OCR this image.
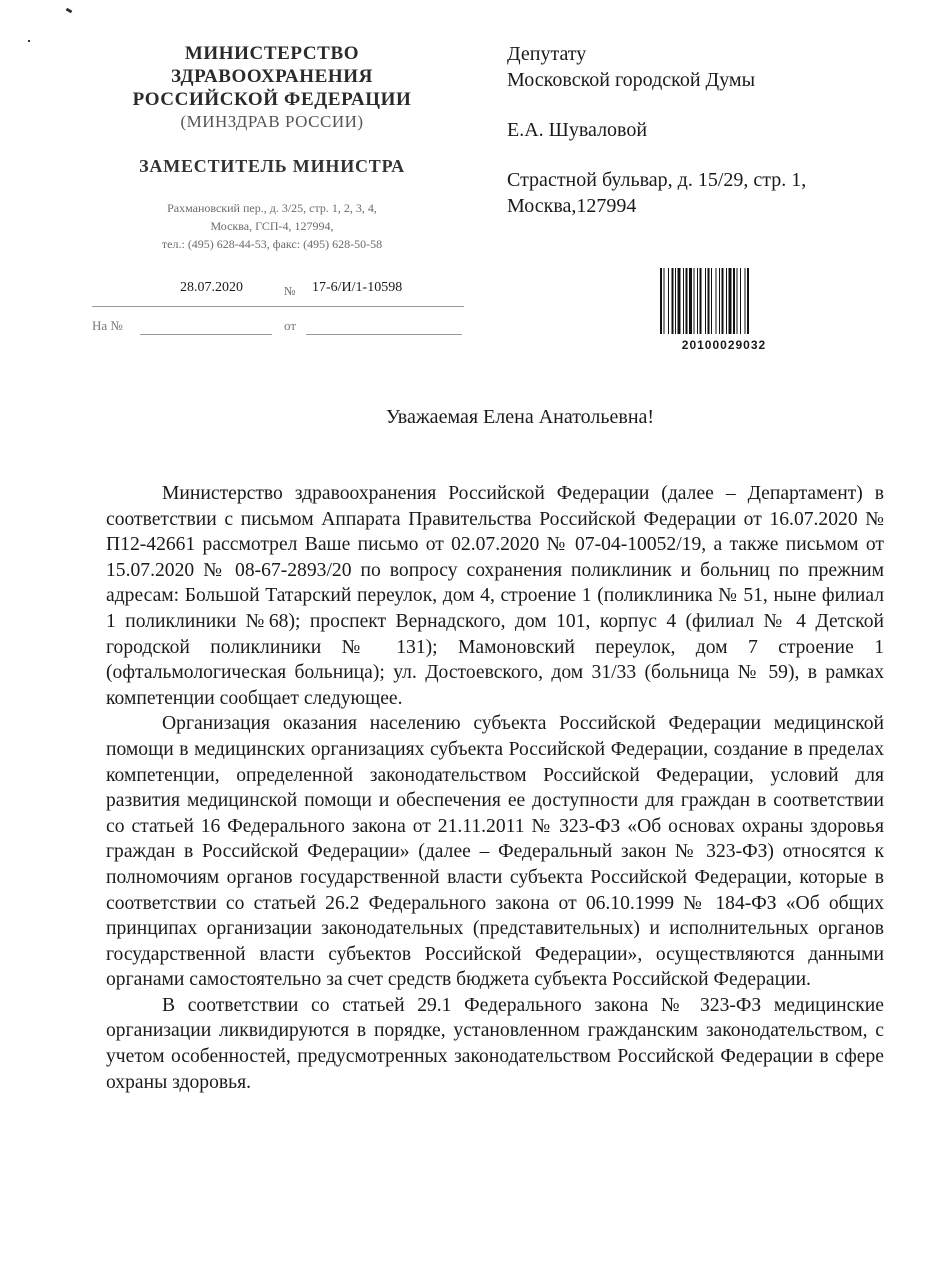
МИНИСТЕРСТВО
ЗДРАВООХРАНЕНИЯ
РОССИЙСКОЙ ФЕДЕРАЦИИ
(МИНЗДРАВ РОССИИ)
ЗАМЕСТИТЕЛЬ МИНИСТРА
Рахмановский пер., д. 3/25, стр. 1, 2, 3, 4,
Москва, ГСП-4, 127994,
тел.: (495) 628-44-53, факс: (495) 628-50-58
28.07.2020	№ 17-6/И/1-10598
На №	от
Депутату
Московской городской Думы
Е.А. Шуваловой
Страстной бульвар, д. 15/29, стр. 1,
Москва,127994
20100029032
Уважаемая Елена Анатольевна!

Министерство здравоохранения Российской Федерации (далее – Департамент) в соответствии с письмом Аппарата Правительства Российской Федерации от 16.07.2020 № П12-42661 рассмотрел Ваше письмо от 02.07.2020 № 07-04-10052/19, а также письмом от 15.07.2020 № 08-67-2893/20 по вопросу сохранения поликлиник и больниц по прежним адресам: Большой Татарский переулок, дом 4, строение 1 (поликлиника № 51, ныне филиал 1 поликлиники №68); проспект Вернадского, дом 101, корпус 4 (филиал № 4 Детской городской поликлиники № 131); Мамоновский переулок, дом 7 строение 1 (офтальмологическая больница); ул. Достоевского, дом 31/33 (больница № 59), в рамках компетенции сообщает следующее.

Организация оказания населению субъекта Российской Федерации медицинской помощи в медицинских организациях субъекта Российской Федерации, создание в пределах компетенции, определенной законодательством Российской Федерации, условий для развития медицинской помощи и обеспечения ее доступности для граждан в соответствии со статьей 16 Федерального закона от 21.11.2011 № 323-ФЗ «Об основах охраны здоровья граждан в Российской Федерации» (далее – Федеральный закон № 323-ФЗ) относятся к полномочиям органов государственной власти субъекта Российской Федерации, которые в соответствии со статьей 26.2 Федерального закона от 06.10.1999 № 184-ФЗ «Об общих принципах организации законодательных (представительных) и исполнительных органов государственной власти субъектов Российской Федерации», осуществляются данными органами самостоятельно за счет средств бюджета субъекта Российской Федерации.

В соответствии со статьей 29.1 Федерального закона № 323-ФЗ медицинские организации ликвидируются в порядке, установленном гражданским законодательством, с учетом особенностей, предусмотренных законодательством Российской Федерации в сфере охраны здоровья.
